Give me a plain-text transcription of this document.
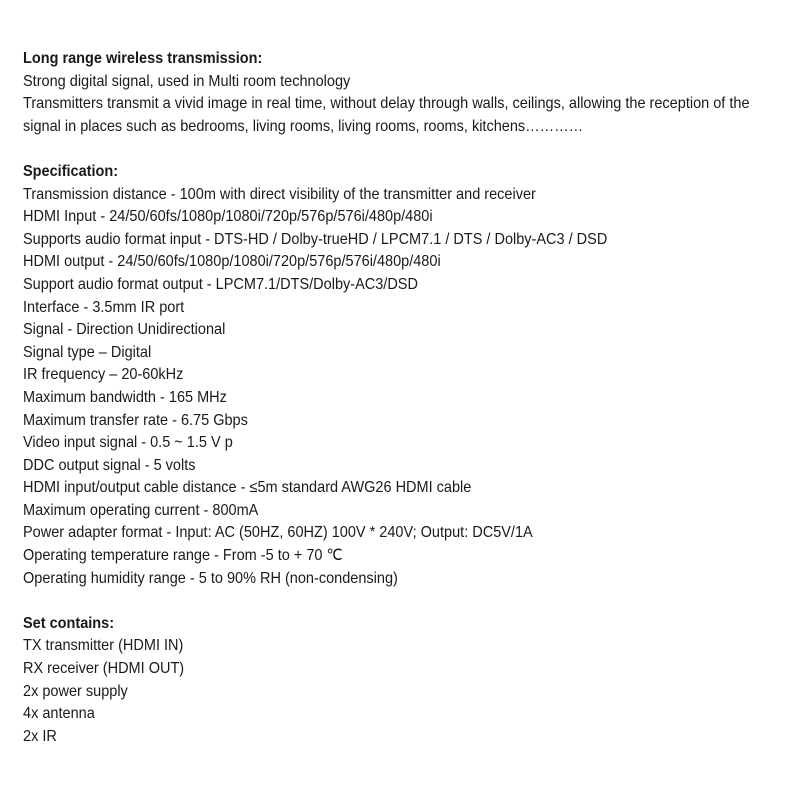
Long range wireless transmission:

Strong digital signal, used in Multi room technology

Transmitters transmit a vivid image in real time, without delay through walls, ceilings, allowing the reception of the signal in places such as bedrooms, living rooms, living rooms, rooms, kitchens…………

Specification:

Transmission distance - 100m with direct visibility of the transmitter and receiver
HDMI Input - 24/50/60fs/1080p/1080i/720p/576p/576i/480p/480i
Supports audio format input - DTS-HD / Dolby-trueHD / LPCM7.1 / DTS / Dolby-AC3 / DSD
HDMI output - 24/50/60fs/1080p/1080i/720p/576p/576i/480p/480i
Support audio format output - LPCM7.1/DTS/Dolby-AC3/DSD
Interface - 3.5mm IR port
Signal - Direction Unidirectional
Signal type – Digital
IR frequency – 20-60kHz
Maximum bandwidth - 165 MHz
Maximum transfer rate - 6.75 Gbps
Video input signal - 0.5 ~ 1.5 V p
DDC output signal - 5 volts
HDMI input/output cable distance - ≤5m standard AWG26 HDMI cable
Maximum operating current - 800mA
Power adapter format - Input: AC (50HZ, 60HZ) 100V * 240V; Output: DC5V/1A
Operating temperature range - From -5 to + 70 ℃
Operating humidity range - 5 to 90% RH (non-condensing)

Set contains:

TX transmitter (HDMI IN)
RX receiver (HDMI OUT)
2x power supply
4x antenna
2x IR
